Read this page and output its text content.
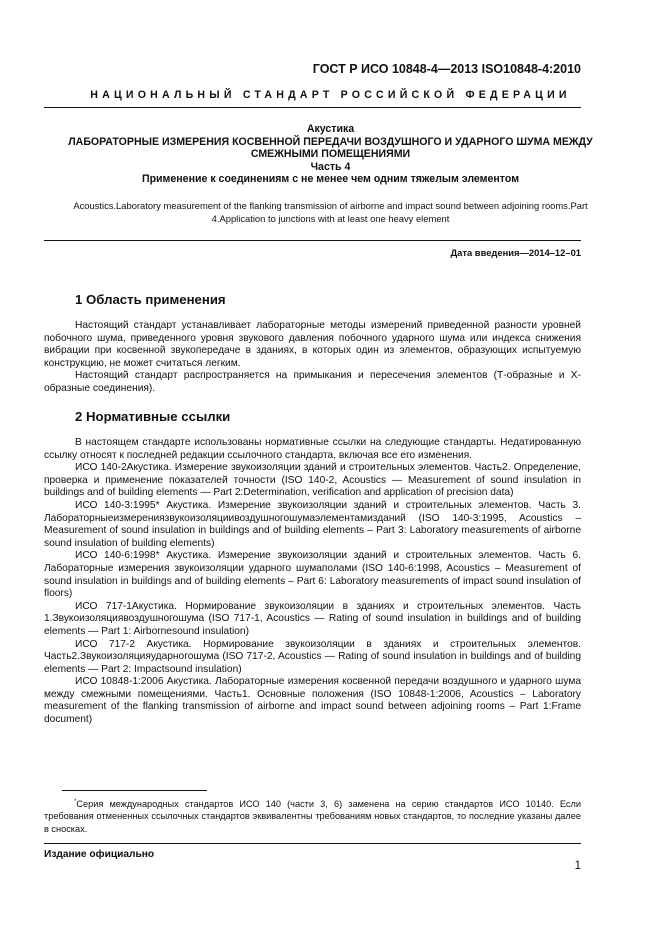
ГОСТ Р ИСО 10848-4—2013 ISO10848-4:2010
НАЦИОНАЛЬНЫЙ СТАНДАРТ РОССИЙСКОЙ ФЕДЕРАЦИИ
Акустика
ЛАБОРАТОРНЫЕ ИЗМЕРЕНИЯ КОСВЕННОЙ ПЕРЕДАЧИ ВОЗДУШНОГО И УДАРНОГО ШУМА МЕЖДУ СМЕЖНЫМИ ПОМЕЩЕНИЯМИ
Часть 4
Применение к соединениям с не менее чем одним тяжелым элементом
Acoustics.Laboratory measurement of the flanking transmission of airborne and impact sound between adjoining rooms.Part 4.Application to junctions with at least one heavy element
Дата введения—2014–12–01
1 Область применения

Настоящий стандарт устанавливает лабораторные методы измерений приведенной разности уровней побочного шума, приведенного уровня звукового давления побочного ударного шума или индекса снижения вибрации при косвенной звукопередаче в зданиях, в которых один из элементов, образующих испытуемую конструкцию, не может считаться легким.

Настоящий стандарт распространяется на примыкания и пересечения элементов (Т-образные и Х-образные соединения).

2 Нормативные ссылки

В настоящем стандарте использованы нормативные ссылки на следующие стандарты. Недатированную ссылку относят к последней редакции ссылочного стандарта, включая все его изменения.

ИСО 140-2Акустика. Измерение звукоизоляции зданий и строительных элементов. Часть2. Определение, проверка и применение показателей точности (ISO 140-2, Acoustics — Measurement of sound insulation in buildings and of building elements — Part 2:Determination, verification and application of precision data)

ИСО 140-3:1995* Акустика. Измерение звукоизоляции зданий и строительных элементов. Часть 3. Лабораторныеизмерениязвукоизоляциивоздушногошумаэлементамизданий (ISO 140-3:1995, Acoustics – Measurement of sound insulation in buildings and of building elements – Part 3: Laboratory measurements of airborne sound insulation of building elements)

ИСО 140-6:1998* Акустика. Измерение звукоизоляции зданий и строительных элементов. Часть 6. Лабораторные измерения звукоизоляции ударного шумаполами (ISO 140-6:1998, Acoustics – Measurement of sound insulation in buildings and of building elements – Part 6: Laboratory measurements of impact sound insulation of floors)

ИСО 717-1Акустика. Нормирование звукоизоляции в зданиях и строительных элементов. Часть 1.Звукоизоляциявоздушногошума (ISO 717-1, Acoustics — Rating of sound insulation in buildings and of building elements — Part 1: Airbornesound insulation)

ИСО 717-2 Акустика. Нормирование звукоизоляции в зданиях и строительных элементов. Часть2.Звукоизоляцияударногошума (ISO 717-2, Acoustics — Rating of sound insulation in buildings and of building elements — Part 2: Impactsound insulation)

ИСО 10848-1:2006 Акустика. Лабораторные измерения косвенной передачи воздушного и ударного шума между смежными помещениями. Часть1. Основные положения (ISO 10848-1:2006, Acoustics – Laboratory measurement of the flanking transmission of airborne and impact sound between adjoining rooms – Part 1:Frame document)

*Серия международных стандартов ИСО 140 (части 3, 6) заменена на серию стандартов ИСО 10140. Если требования отмененных ссылочных стандартов эквивалентны требованиям новых стандартов, то последние указаны далее в сносках.
Издание официально
1
